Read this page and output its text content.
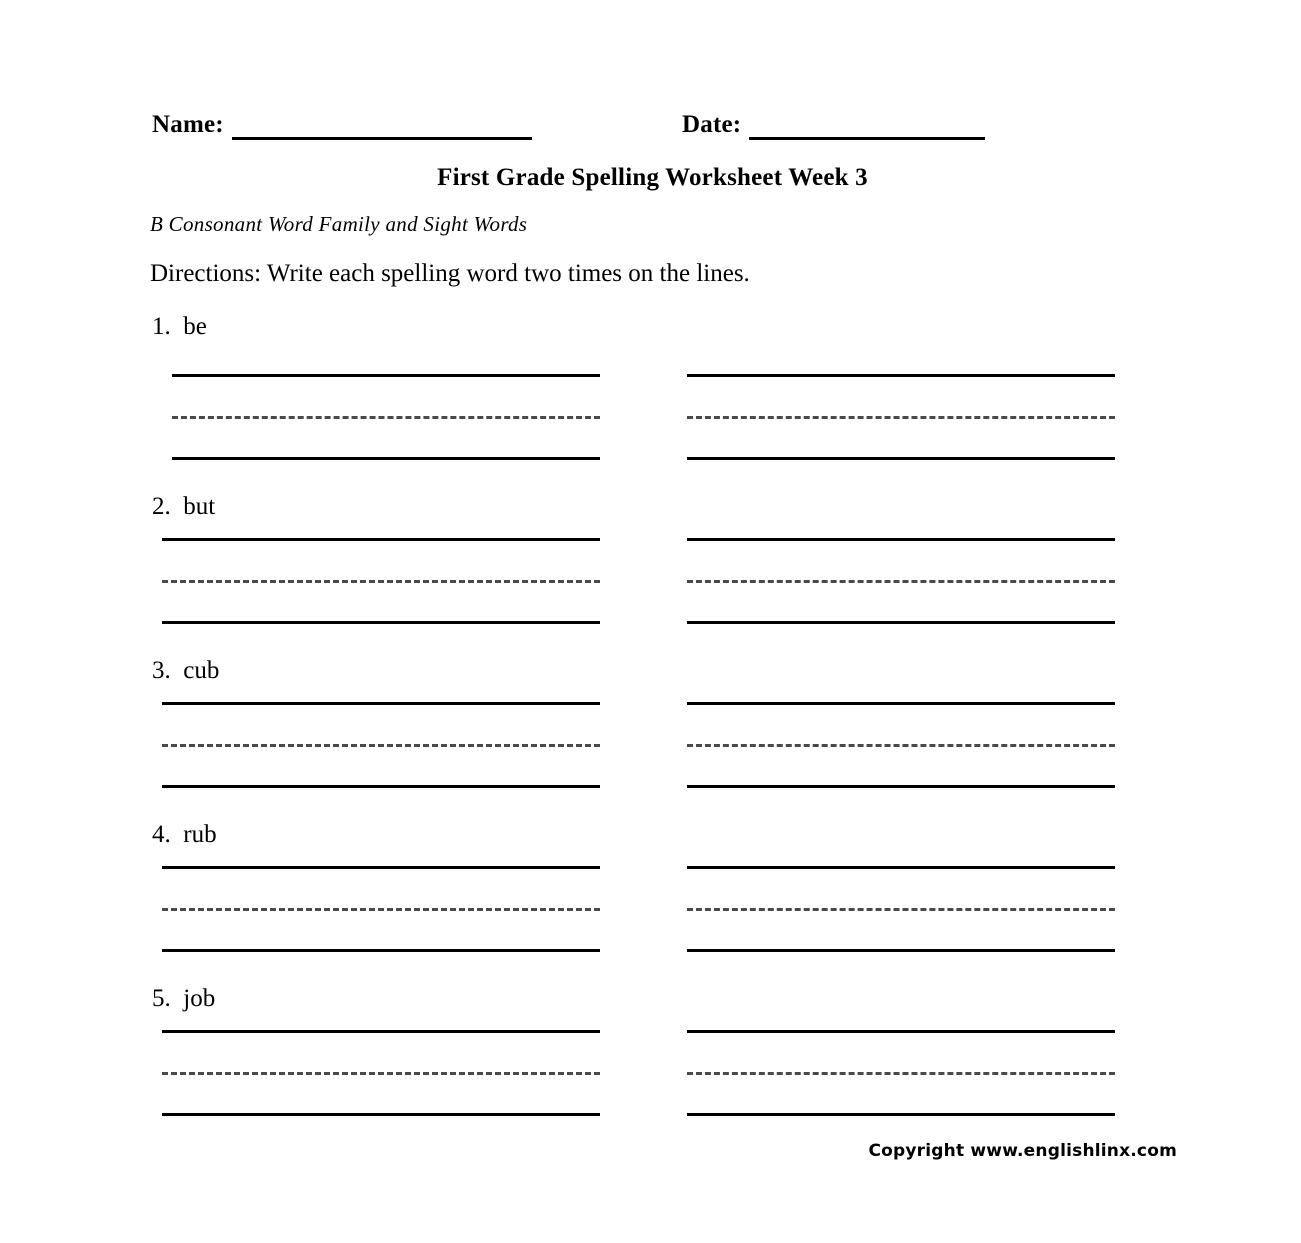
Name:	Date:
First Grade Spelling Worksheet Week 3
B Consonant Word Family and Sight Words
Directions: Write each spelling word two times on the lines.
1. be
2. but
3. cub
4. rub
5. job
Copyright www.englishlinx.com
